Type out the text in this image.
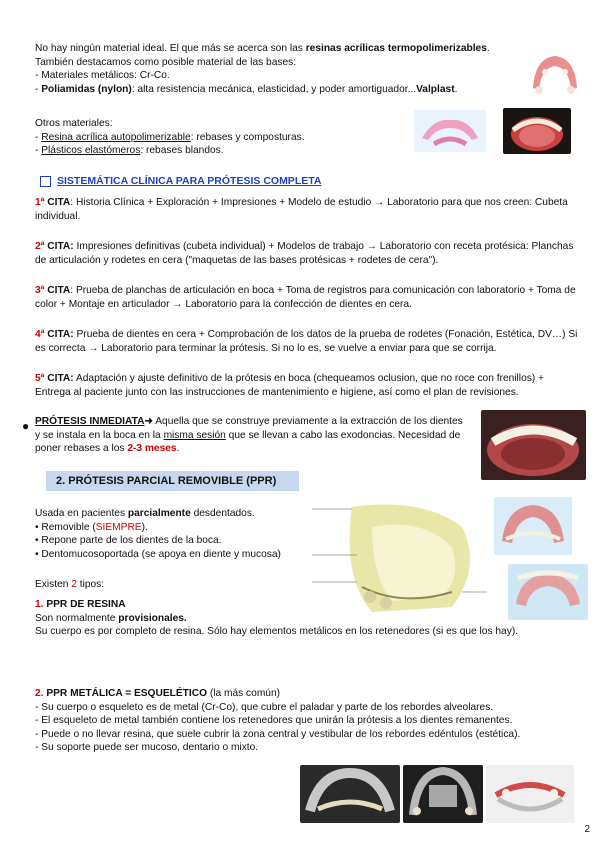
No hay ningún material ideal. El que más se acerca son las resinas acrílicas termopolimerizables.

También destacamos como posible material de las bases:

- Materiales metálicos: Cr-Co.

- Poliamidas (nylon): alta resistencia mecánica, elasticidad, y poder amortiguador...Valplast.

Otros materiales:

- Resina acrílica autopolimerizable: rebases y composturas.

- Plásticos elastómeros: rebases blandos.

SISTEMÁTICA CLÍNICA PARA PRÓTESIS COMPLETA

1ª CITA: Historia Clínica + Exploración + Impresiones + Modelo de estudio → Laboratorio para que nos creen: Cubeta individual.

2ª CITA: Impresiones definitivas (cubeta individual) + Modelos de trabajo → Laboratorio con receta protésica: Planchas de articulación y rodetes en cera ("maquetas de las bases protésicas + rodetes de cera").

3ª CITA: Prueba de planchas de articulación en boca + Toma de registros para comunicación con laboratorio + Toma de color + Montaje en articulador → Laboratorio para la confección de dientes en cera.

4ª CITA: Prueba de dientes en cera + Comprobación de los datos de la prueba de rodetes (Fonación, Estética, DV…) Si es correcta → Laboratorio para terminar la prótesis. Si no lo es, se vuelve a enviar para que se corrija.

5ª CITA: Adaptación y ajuste definitivo de la prótesis en boca (chequeamos oclusion, que no roce con frenillos) + Entrega al paciente junto con las instrucciones de mantenimiento e higiene, así como el plan de revisiones.

● PRÓTESIS INMEDIATA➜ Aquella que se construye previamente a la extracción de los dientes y se instala en la boca en la misma sesión que se llevan a cabo las exodoncias. Necesidad de poner rebases a los 2-3 meses.

2. PRÓTESIS PARCIAL REMOVIBLE (PPR)

Usada en pacientes parcialmente desdentados.

• Removible (SIEMPRE).

• Repone parte de los dientes de la boca.

• Dentomucosoportada (se apoya en diente y mucosa)

Existen 2 tipos:

1. PPR DE RESINA

Son normalmente provisionales.

Su cuerpo es por completo de resina. Sólo hay elementos metálicos en los retenedores (si es que los hay).

2. PPR METÁLICA = ESQUELÉTICO (la más común)

- Su cuerpo o esqueleto es de metal (Cr-Co), que cubre el paladar y parte de los rebordes alveolares.

- El esqueleto de metal también contiene los retenedores que unirán la prótesis a los dientes remanentes.

- Puede o no llevar resina, que suele cubrir la zona central y vestibular de los rebordes edéntulos (estética).

- Su soporte puede ser mucoso, dentario o mixto.

2
